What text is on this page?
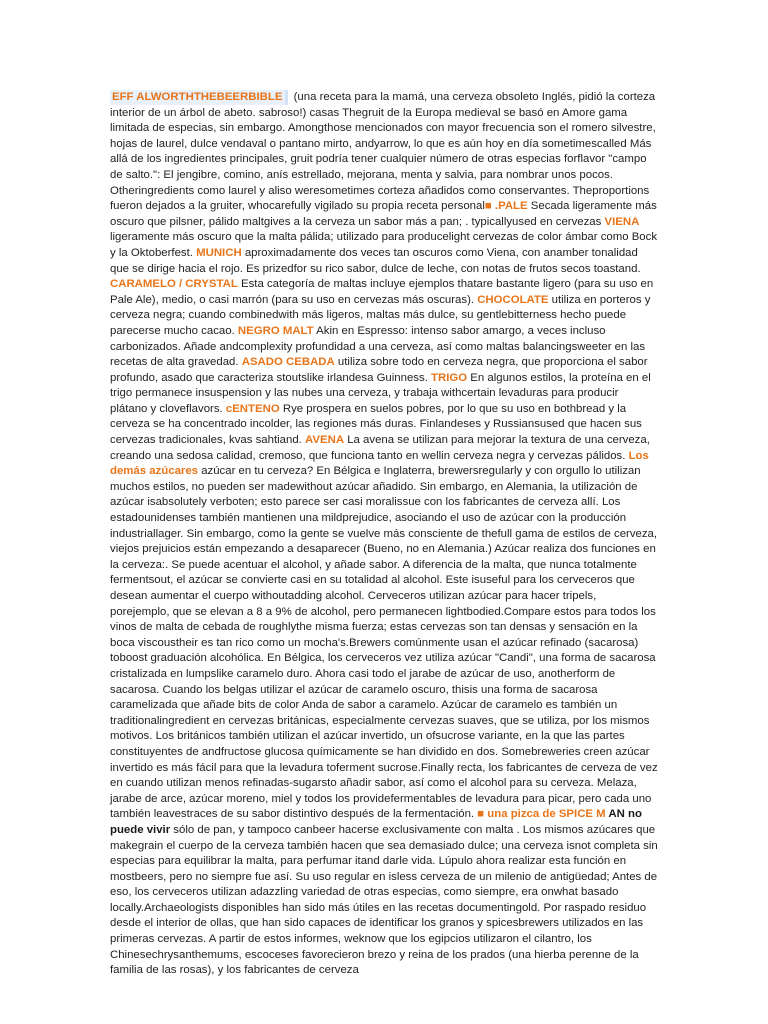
EFF ALWORTHTHEBEERBIBLE (una receta para la mamá, una cerveza obsoleto Inglés, pidió la corteza interior de un árbol de abeto. sabroso!) casas Thegruit de la Europa medieval se basó en Amore gama limitada de especias, sin embargo. Amongthose mencionados con mayor frecuencia son el romero silvestre, hojas de laurel, dulce vendaval o pantano mirto, andyarrow, lo que es aún hoy en día sometimescalled Más allá de los ingredientes principales, gruit podría tener cualquier número de otras especias forflavor "campo de salto.": El jengibre, comino, anís estrellado, mejorana, menta y salvia, para nombrar unos pocos. Otheringredients como laurel y aliso weresometimes corteza añadidos como conservantes. Theproportions fueron dejados a la gruiter, whocarefully vigilado su propia receta personal■ .PALE Secada ligeramente más oscuro que pilsner, pálido maltgives a la cerveza un sabor más a pan; . typicallyused en cervezas VIENA ligeramente más oscuro que la malta pálida; utilizado para producelight cervezas de color ámbar como Bock y la Oktoberfest. MUNICH aproximadamente dos veces tan oscuros como Viena, con anamber tonalidad que se dirige hacia el rojo. Es prizedfor su rico sabor, dulce de leche, con notas de frutos secos toastand. CARAMELO / CRYSTAL Esta categoría de maltas incluye ejemplos thatare bastante ligero (para su uso en Pale Ale), medio, o casi marrón (para su uso en cervezas más oscuras). CHOCOLATE utiliza en porteros y cerveza negra; cuando combinedwith más ligeros, maltas más dulce, su gentlebitterness hecho puede parecerse mucho cacao. NEGRO MALT Akin en Espresso: intenso sabor amargo, a veces incluso carbonizados. Añade andcomplexity profundidad a una cerveza, así como maltas balancingsweeter en las recetas de alta gravedad. ASADO CEBADA utiliza sobre todo en cerveza negra, que proporciona el sabor profundo, asado que caracteriza stoutslike irlandesa Guinness. TRIGO En algunos estilos, la proteína en el trigo permanece insuspension y las nubes una cerveza, y trabaja withcertain levaduras para producir plátano y cloveflavors. cENTENO Rye prospera en suelos pobres, por lo que su uso en bothbread y la cerveza se ha concentrado incolder, las regiones más duras. Finlandeses y Russiansused que hacen sus cervezas tradicionales, kvas sahtiand. AVENA La avena se utilizan para mejorar la textura de una cerveza, creando una sedosa calidad, cremoso, que funciona tanto en wellin cerveza negra y cervezas pálidos. Los demás azúcares azúcar en tu cerveza? En Bélgica e Inglaterra, brewersregularly y con orgullo lo utilizan muchos estilos, no pueden ser madewithout azúcar añadido. Sin embargo, en Alemania, la utilización de azúcar isabsolutely verboten; esto parece ser casi moralissue con los fabricantes de cerveza allí. Los estadounidenses también mantienen una mildprejudice, asociando el uso de azúcar con la producción industriallager. Sin embargo, como la gente se vuelve más consciente de thefull gama de estilos de cerveza, viejos prejuicios están empezando a desaparecer (Bueno, no en Alemania.) Azúcar realiza dos funciones en la cerveza:. Se puede acentuar el alcohol, y añade sabor. A diferencia de la malta, que nunca totalmente fermentsout, el azúcar se convierte casi en su totalidad al alcohol. Este isuseful para los cerveceros que desean aumentar el cuerpo withoutadding alcohol. Cerveceros utilizan azúcar para hacer tripels, porejemplo, que se elevan a 8 a 9% de alcohol, pero permanecen lightbodied.Compare estos para todos los vinos de malta de cebada de roughlythe misma fuerza; estas cervezas son tan densas y sensación en la boca viscoustheir es tan rico como un mocha's.Brewers comúnmente usan el azúcar refinado (sacarosa) toboost graduación alcohólica. En Bélgica, los cerveceros vez utiliza azúcar "Candi", una forma de sacarosa cristalizada en lumpslike caramelo duro. Ahora casi todo el jarabe de azúcar de uso, anotherform de sacarosa. Cuando los belgas utilizar el azúcar de caramelo oscuro, thisis una forma de sacarosa caramelizada que añade bits de color Anda de sabor a caramelo. Azúcar de caramelo es también un traditionalingredient en cervezas británicas, especialmente cervezas suaves, que se utiliza, por los mismos motivos. Los británicos también utilizan el azúcar invertido, un ofsucrose variante, en la que las partes constituyentes de andfructose glucosa químicamente se han dividido en dos. Somebreweries creen azúcar invertido es más fácil para que la levadura toferment sucrose.Finally recta, los fabricantes de cerveza de vez en cuando utilizan menos refinadas-sugarsto añadir sabor, así como el alcohol para su cerveza. Melaza, jarabe de arce, azúcar moreno, miel y todos los providefermentables de levadura para picar, pero cada uno también leavestraces de su sabor distintivo después de la fermentación. ■ una pizca de SPICE M AN no puede vivir sólo de pan, y tampoco canbeer hacerse exclusivamente con malta . Los mismos azúcares que makegrain el cuerpo de la cerveza también hacen que sea demasiado dulce; una cerveza isnot completa sin especias para equilibrar la malta, para perfumar itand darle vida. Lúpulo ahora realizar esta función en mostbeers, pero no siempre fue así. Su uso regular en isless cerveza de un milenio de antigüedad; Antes de eso, los cerveceros utilizan adazzling variedad de otras especias, como siempre, era onwhat basado locally.Archaeologists disponibles han sido más útiles en las recetas documentingold. Por raspado residuo desde el interior de ollas, que han sido capaces de identificar los granos y spicesbrewers utilizados en las primeras cervezas. A partir de estos informes, weknow que los egipcios utilizaron el cilantro, los Chinesechrysanthemums, escoceses favorecieron brezo y reina de los prados (una hierba perenne de la familia de las rosas), y los fabricantes de cerveza
